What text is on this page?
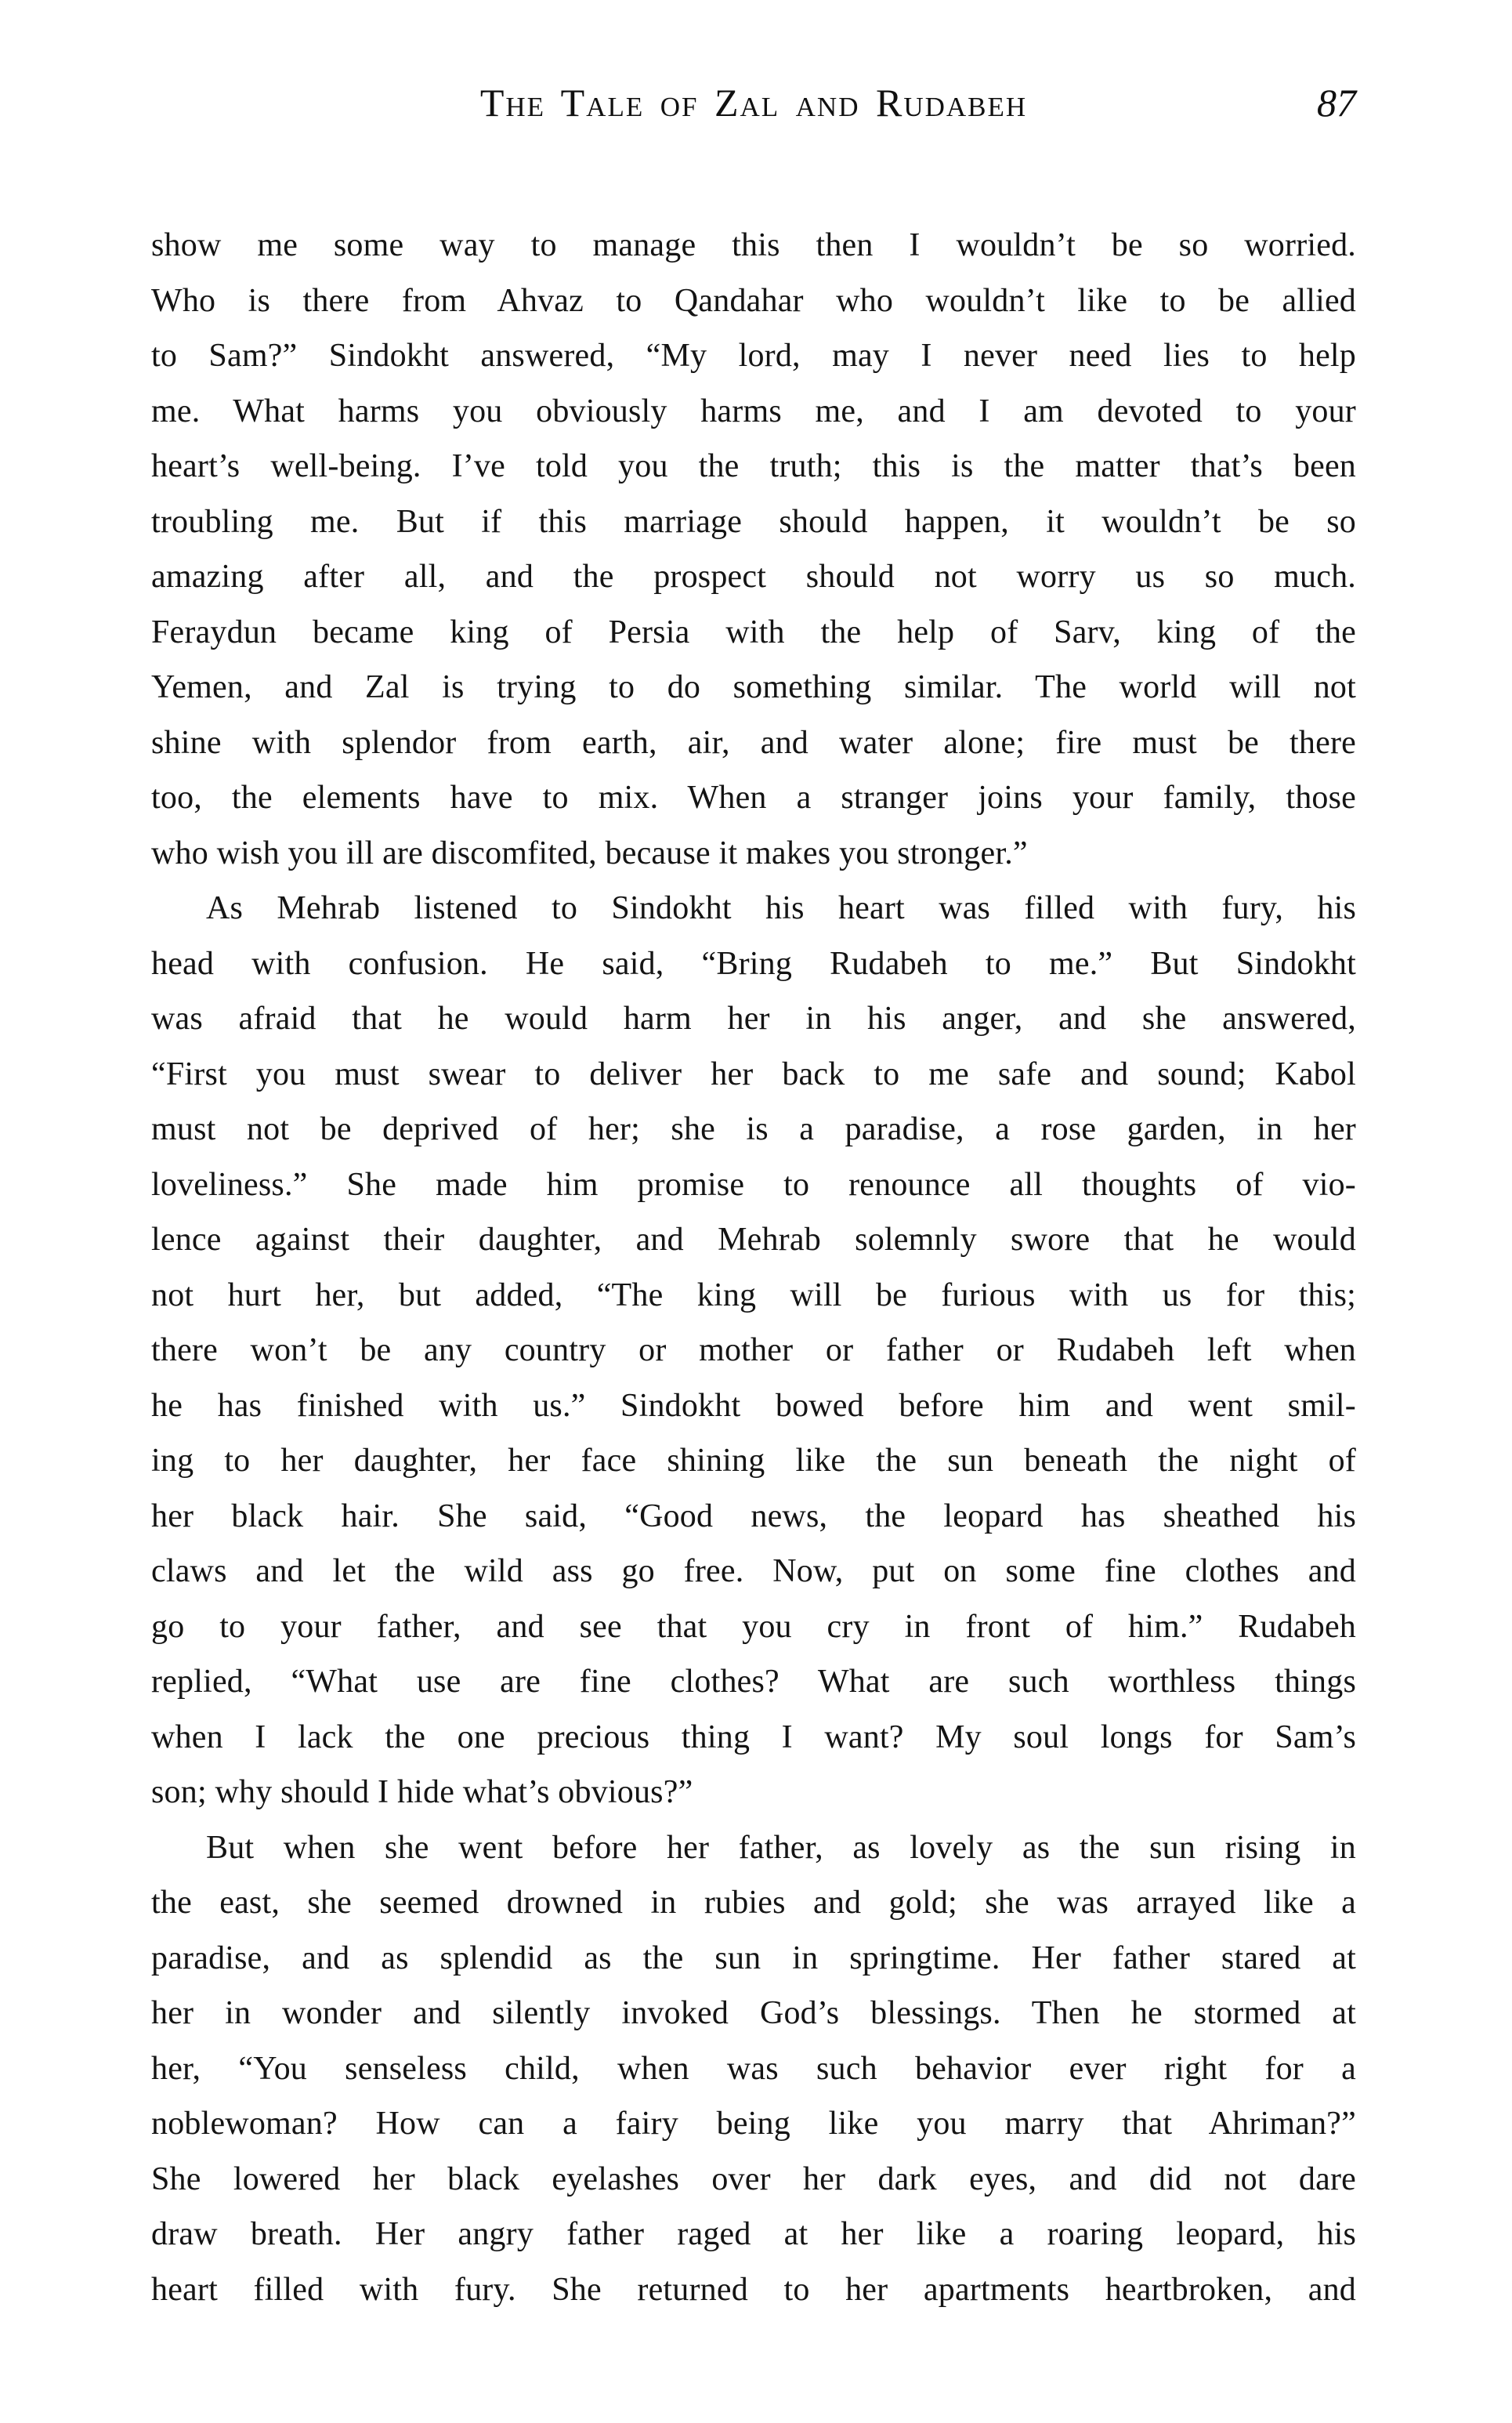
The Tale of Zal and Rudabeh	87
show me some way to manage this then I wouldn’t be so worried.
Who is there from Ahvaz to Qandahar who wouldn’t like to be allied
to Sam?” Sindokht answered, “My lord, may I never need lies to help
me. What harms you obviously harms me, and I am devoted to your
heart’s well-being. I’ve told you the truth; this is the matter that’s been
troubling me. But if this marriage should happen, it wouldn’t be so
amazing after all, and the prospect should not worry us so much.
Feraydun became king of Persia with the help of Sarv, king of the
Yemen, and Zal is trying to do something similar. The world will not
shine with splendor from earth, air, and water alone; fire must be there
too, the elements have to mix. When a stranger joins your family, those
who wish you ill are discomfited, because it makes you stronger.”
As Mehrab listened to Sindokht his heart was filled with fury, his
head with confusion. He said, “Bring Rudabeh to me.” But Sindokht
was afraid that he would harm her in his anger, and she answered,
“First you must swear to deliver her back to me safe and sound; Kabol
must not be deprived of her; she is a paradise, a rose garden, in her
loveliness.” She made him promise to renounce all thoughts of vio-
lence against their daughter, and Mehrab solemnly swore that he would
not hurt her, but added, “The king will be furious with us for this;
there won’t be any country or mother or father or Rudabeh left when
he has finished with us.” Sindokht bowed before him and went smil-
ing to her daughter, her face shining like the sun beneath the night of
her black hair. She said, “Good news, the leopard has sheathed his
claws and let the wild ass go free. Now, put on some fine clothes and
go to your father, and see that you cry in front of him.” Rudabeh
replied, “What use are fine clothes? What are such worthless things
when I lack the one precious thing I want? My soul longs for Sam’s
son; why should I hide what’s obvious?”
But when she went before her father, as lovely as the sun rising in
the east, she seemed drowned in rubies and gold; she was arrayed like a
paradise, and as splendid as the sun in springtime. Her father stared at
her in wonder and silently invoked God’s blessings. Then he stormed at
her, “You senseless child, when was such behavior ever right for a
noblewoman? How can a fairy being like you marry that Ahriman?”
She lowered her black eyelashes over her dark eyes, and did not dare
draw breath. Her angry father raged at her like a roaring leopard, his
heart filled with fury. She returned to her apartments heartbroken, and
